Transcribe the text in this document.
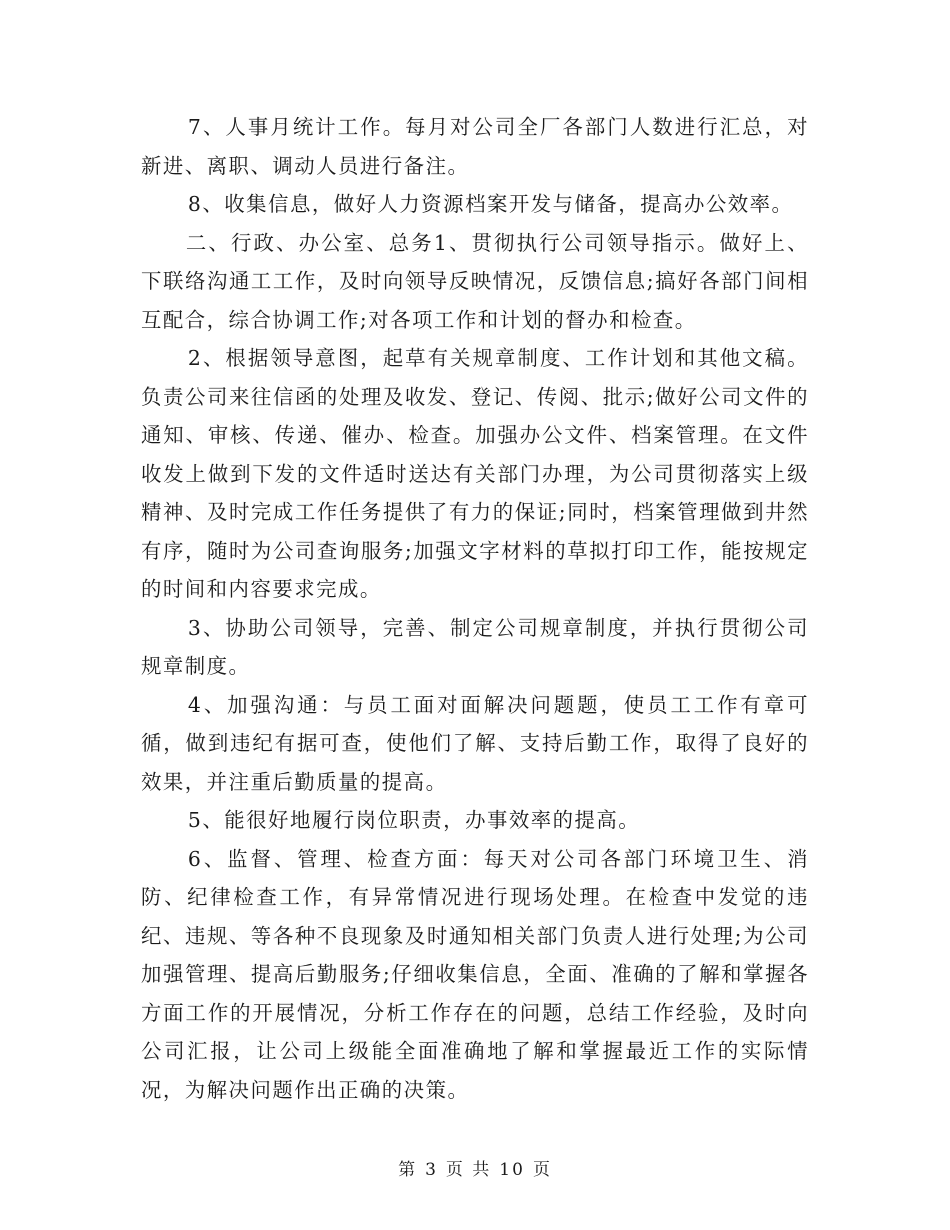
7、人事月统计工作。每月对公司全厂各部门人数进行汇总，对新进、离职、调动人员进行备注。

8、收集信息，做好人力资源档案开发与储备，提高办公效率。

二、行政、办公室、总务1、贯彻执行公司领导指示。做好上、下联络沟通工工作，及时向领导反映情况，反馈信息;搞好各部门间相互配合，综合协调工作;对各项工作和计划的督办和检查。

2、根据领导意图，起草有关规章制度、工作计划和其他文稿。负责公司来往信函的处理及收发、登记、传阅、批示;做好公司文件的通知、审核、传递、催办、检查。加强办公文件、档案管理。在文件收发上做到下发的文件适时送达有关部门办理，为公司贯彻落实上级精神、及时完成工作任务提供了有力的保证;同时，档案管理做到井然有序，随时为公司查询服务;加强文字材料的草拟打印工作，能按规定的时间和内容要求完成。

3、协助公司领导，完善、制定公司规章制度，并执行贯彻公司规章制度。

4、加强沟通：与员工面对面解决问题题，使员工工作有章可循，做到违纪有据可查，使他们了解、支持后勤工作，取得了良好的效果，并注重后勤质量的提高。

5、能很好地履行岗位职责，办事效率的提高。

6、监督、管理、检查方面：每天对公司各部门环境卫生、消防、纪律检查工作，有异常情况进行现场处理。在检查中发觉的违纪、违规、等各种不良现象及时通知相关部门负责人进行处理;为公司加强管理、提高后勤服务;仔细收集信息，全面、准确的了解和掌握各方面工作的开展情况，分析工作存在的问题，总结工作经验，及时向公司汇报，让公司上级能全面准确地了解和掌握最近工作的实际情况，为解决问题作出正确的决策。

第 3 页 共 10 页
